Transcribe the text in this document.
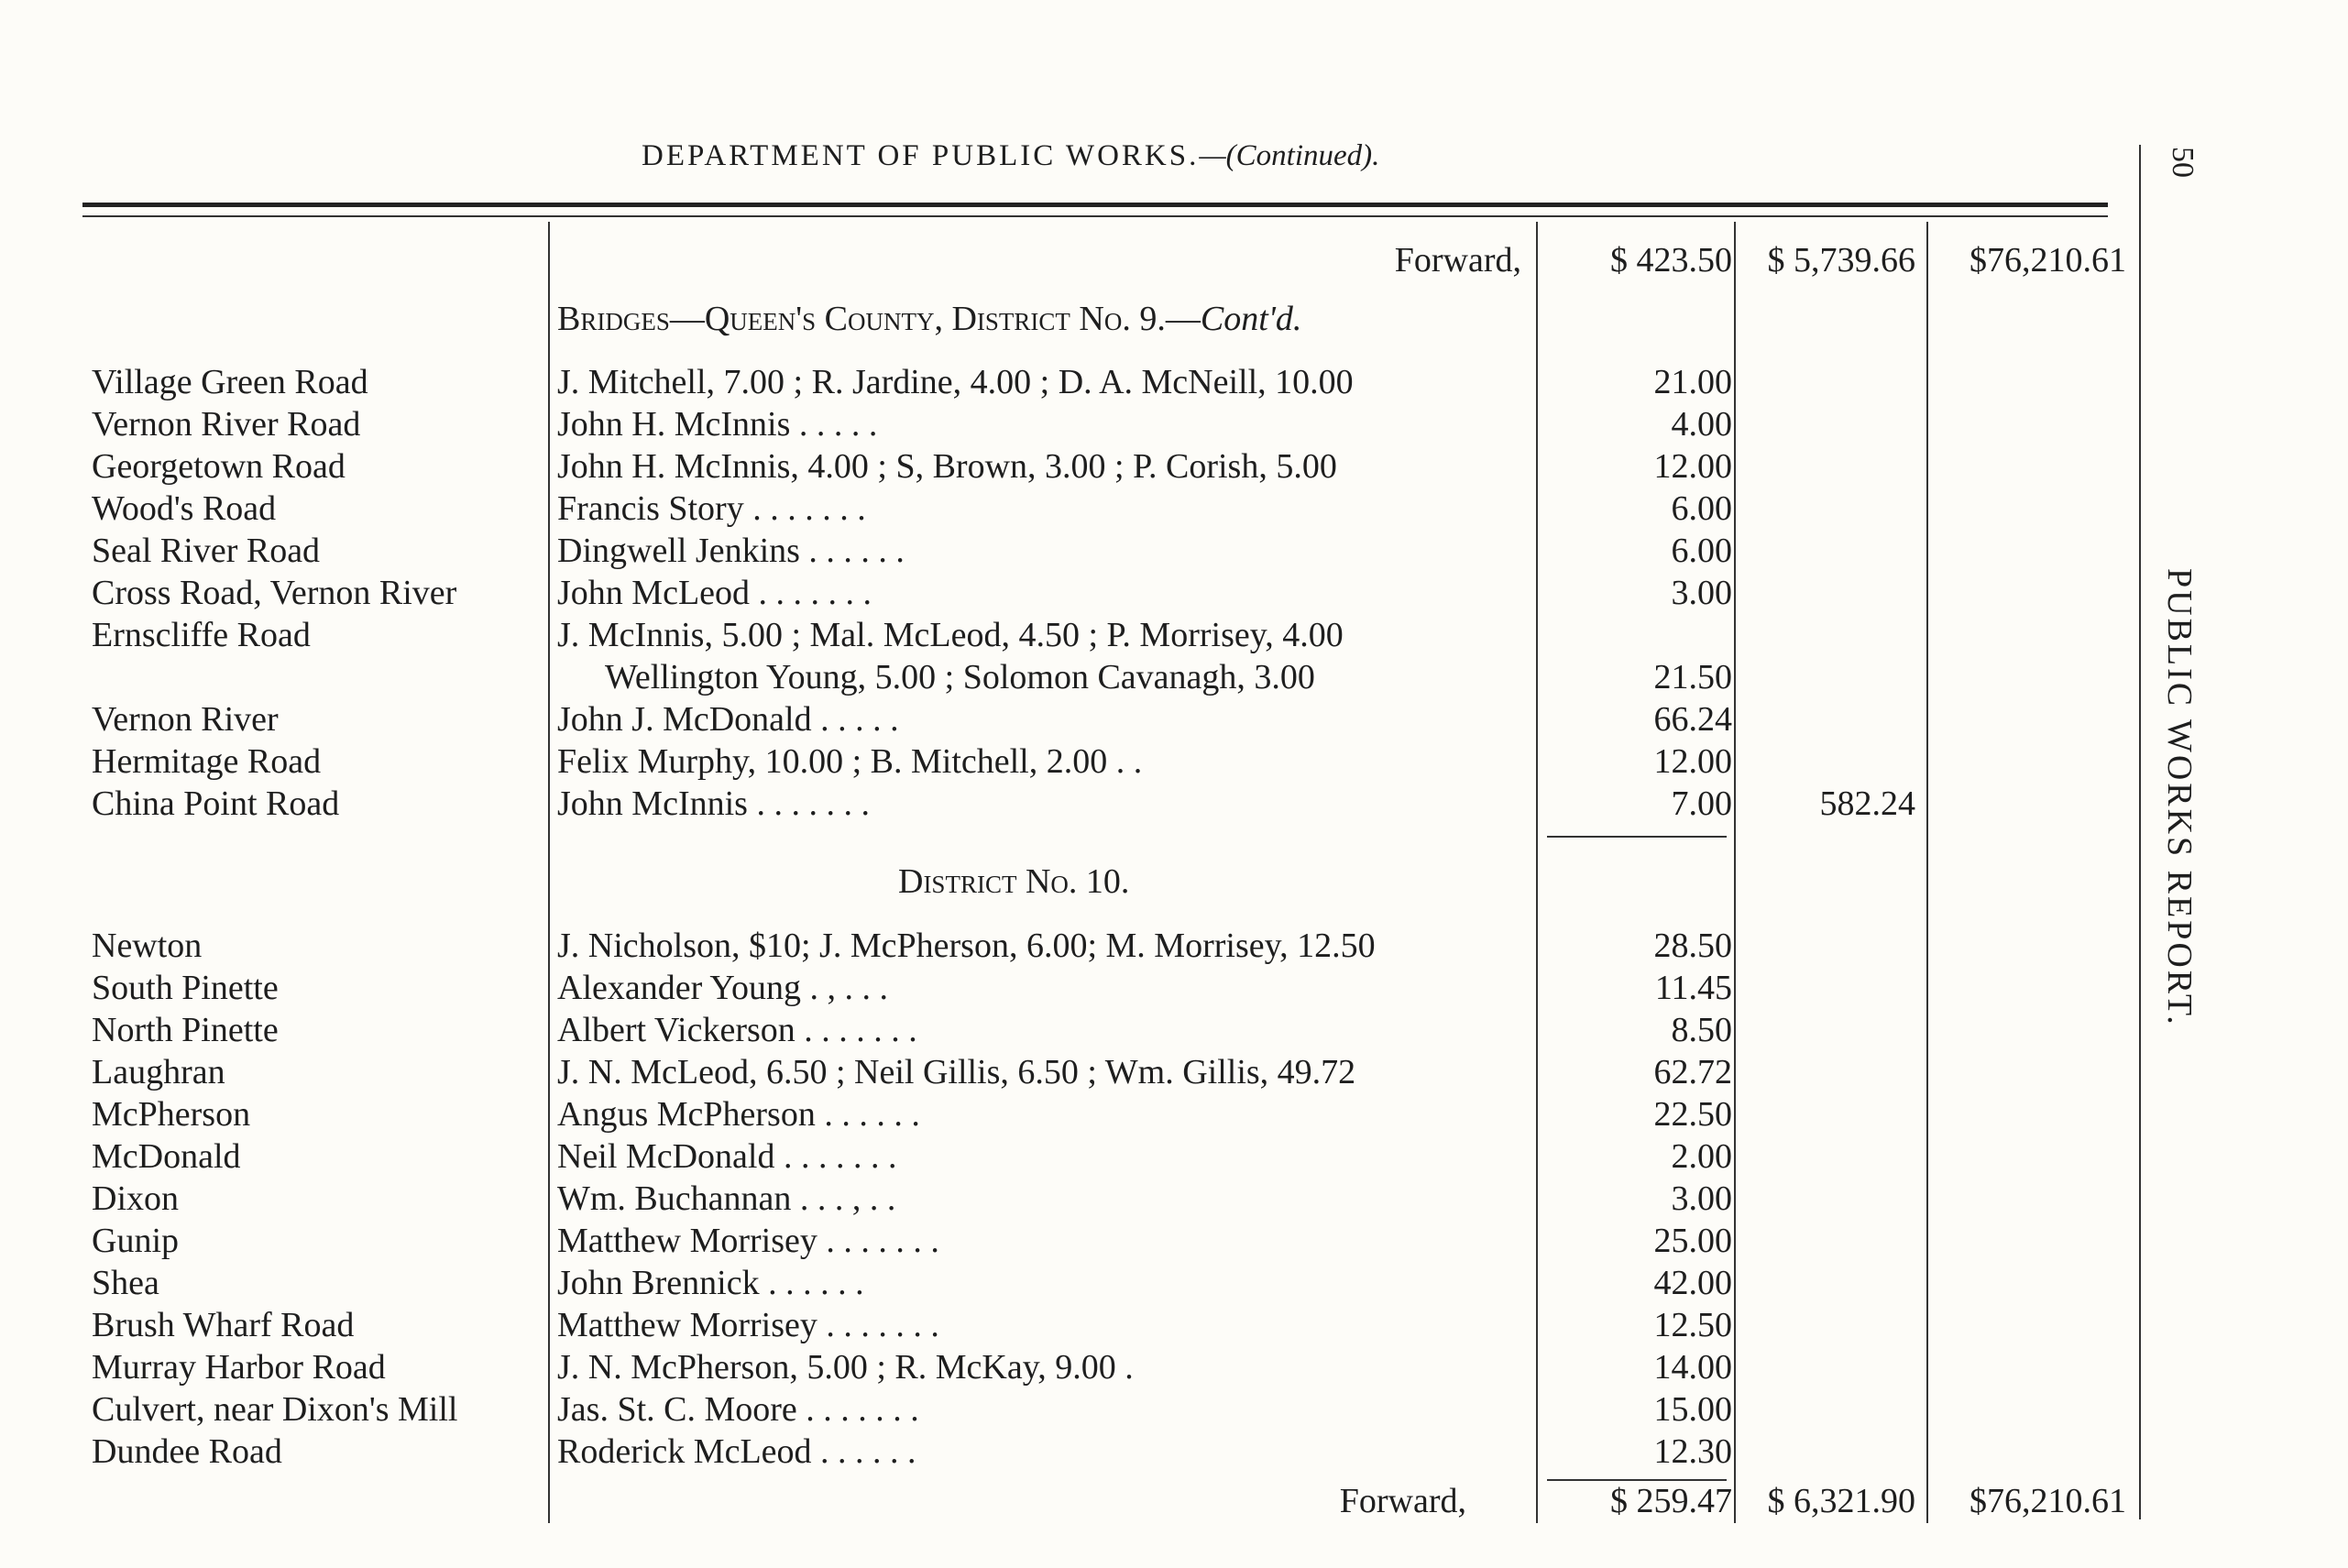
DEPARTMENT OF PUBLIC WORKS.—(Continued).	50
PUBLIC WORKS REPORT.
Forward,	$ 423.50 $ 5,739.66 $76,210.61
Bridges—Queen's County, District No. 9.—Cont'd.
Village Green Road	J. Mitchell, 7.00 ; R. Jardine, 4.00 ; D. A. McNeill, 10.00	21.00
Vernon River Road	John H. McInnis . . . . .	4.00
Georgetown Road	John H. McInnis, 4.00 ; S, Brown, 3.00 ; P. Corish, 5.00	12.00
Wood's Road	Francis Story . . . . . . .	6.00
Seal River Road	Dingwell Jenkins . . . . . .	6.00
Cross Road, Vernon River	John McLeod . . . . . . .	3.00
Ernscliffe Road	J. McInnis, 5.00 ; Mal. McLeod, 4.50 ; P. Morrisey, 4.00
Wellington Young, 5.00 ; Solomon Cavanagh, 3.00	21.50
Vernon River	John J. McDonald . . . . .	66.24
Hermitage Road	Felix Murphy, 10.00 ; B. Mitchell, 2.00 . .	12.00
China Point Road	John McInnis . . . . . . .	7.00	582.24
District No. 10.
Newton	J. Nicholson, $10; J. McPherson, 6.00; M. Morrisey, 12.50	28.50
South Pinette	Alexander Young . , . . .	11.45
North Pinette	Albert Vickerson . . . . . . .	8.50
Laughran	J. N. McLeod, 6.50 ; Neil Gillis, 6.50 ; Wm. Gillis, 49.72	62.72
McPherson	Angus McPherson . . . . . .	22.50
McDonald	Neil McDonald . . . . . . .	2.00
Dixon	Wm. Buchannan . . . , . .	3.00
Gunip	Matthew Morrisey . . . . . . .	25.00
Shea	John Brennick . . . . . .	42.00
Brush Wharf Road	Matthew Morrisey . . . . . . .	12.50
Murray Harbor Road	J. N. McPherson, 5.00 ; R. McKay, 9.00 .	14.00
Culvert, near Dixon's Mill	Jas. St. C. Moore . . . . . . .	15.00
Dundee Road	Roderick McLeod . . . . . .	12.30
Forward,	$ 259.47 $ 6,321.90 $76,210.61
